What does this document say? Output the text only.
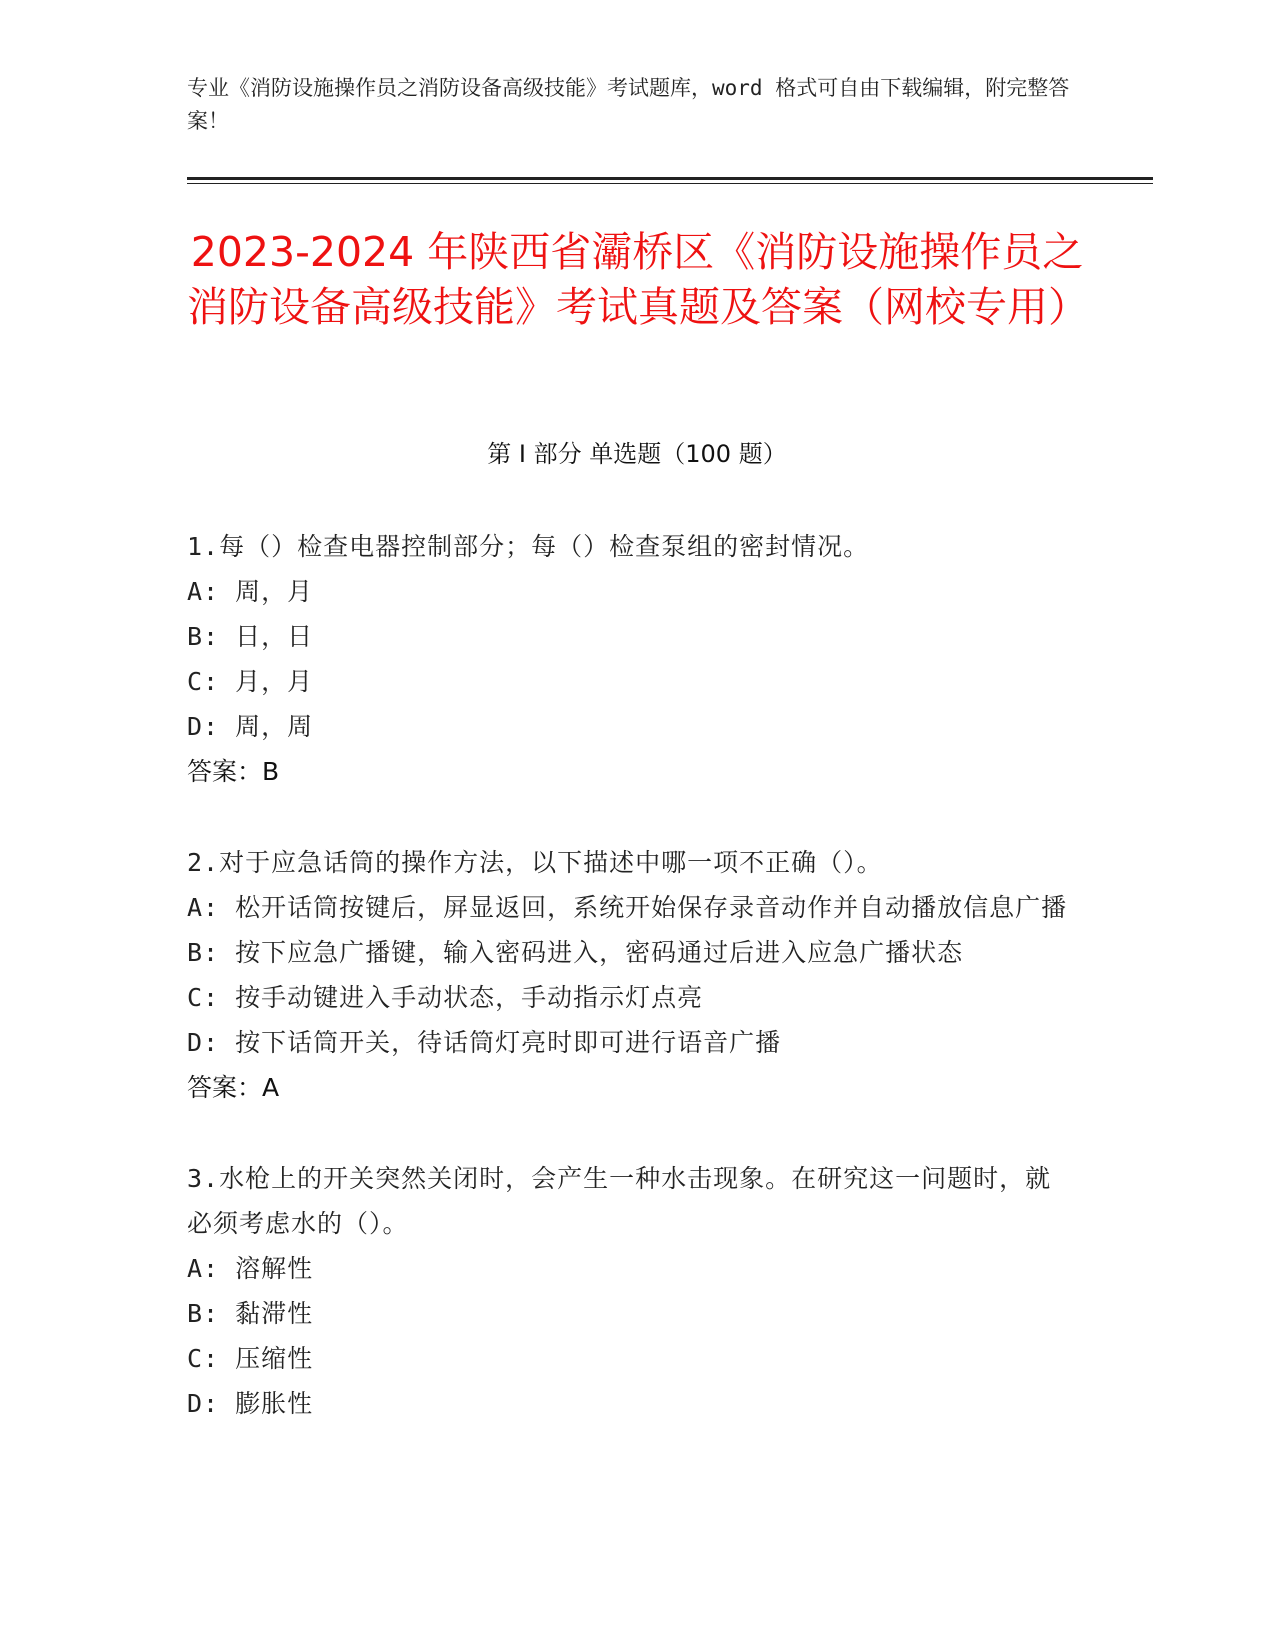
专业《消防设施操作员之消防设备高级技能》考试题库，word 格式可自由下载编辑，附完整答案！
2023-2024 年陕西省灞桥区《消防设施操作员之消防设备高级技能》考试真题及答案（网校专用）
第 I 部分 单选题（100 题）
1.每（）检查电器控制部分；每（）检查泵组的密封情况。
A: 周，月
B: 日，日
C: 月，月
D: 周，周
答案：B
2.对于应急话筒的操作方法，以下描述中哪一项不正确（）。
A: 松开话筒按键后，屏显返回，系统开始保存录音动作并自动播放信息广播
B: 按下应急广播键，输入密码进入，密码通过后进入应急广播状态
C: 按手动键进入手动状态，手动指示灯点亮
D: 按下话筒开关，待话筒灯亮时即可进行语音广播
答案：A
3.水枪上的开关突然关闭时，会产生一种水击现象。在研究这一问题时，就必须考虑水的（）。
A: 溶解性
B: 黏滞性
C: 压缩性
D: 膨胀性
